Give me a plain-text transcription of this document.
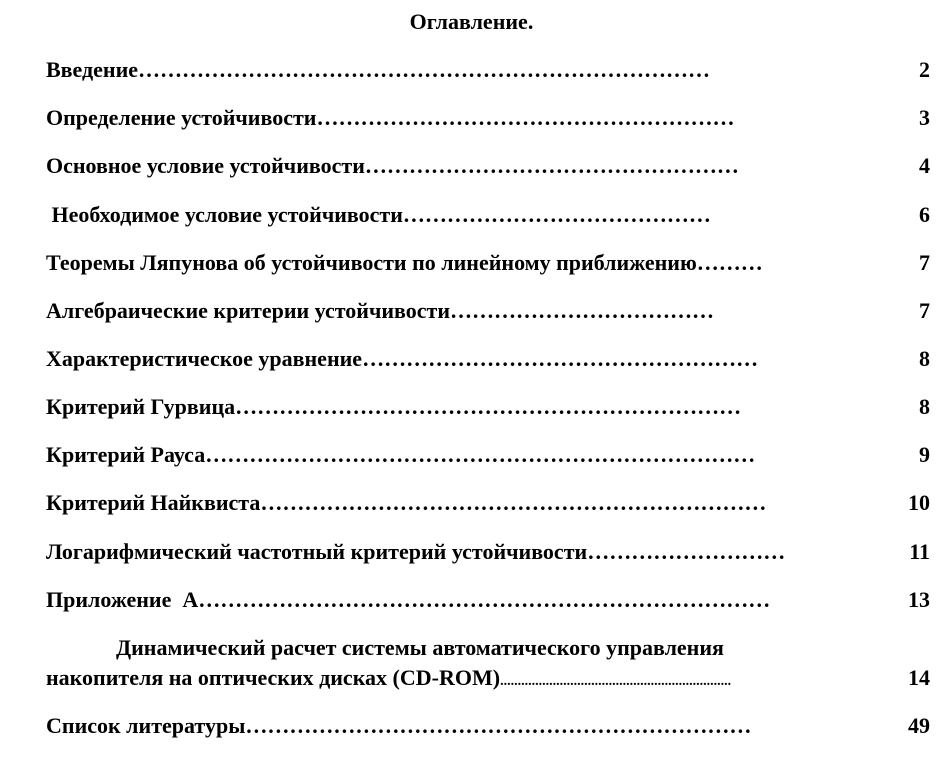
Оглавление.
Введение ……………………………………………………………………	2
Определение устойчивости …………………………………………………	3
Основное условие устойчивости ……………………………………………	4
Необходимое условие устойчивости ……………………………………	6
Теоремы Ляпунова об устойчивости по линейному приближению ………	7
Алгебраические критерии устойчивости ………………………………	7
Характеристическое уравнение ………………………………………………	8
Критерий Гурвица ……………………………………………………………	8
Критерий Рауса …………………………………………………………………	9
Критерий Найквиста ……………………………………………………………	10
Логарифмический частотный критерий устойчивости ………………………	11
Приложение  А ……………………………………………………………………	13
Динамический расчет системы автоматического управления
накопителя на оптических дисках (CD-ROM) ..................................................................	14
Список литературы ……………………………………………………………	49
